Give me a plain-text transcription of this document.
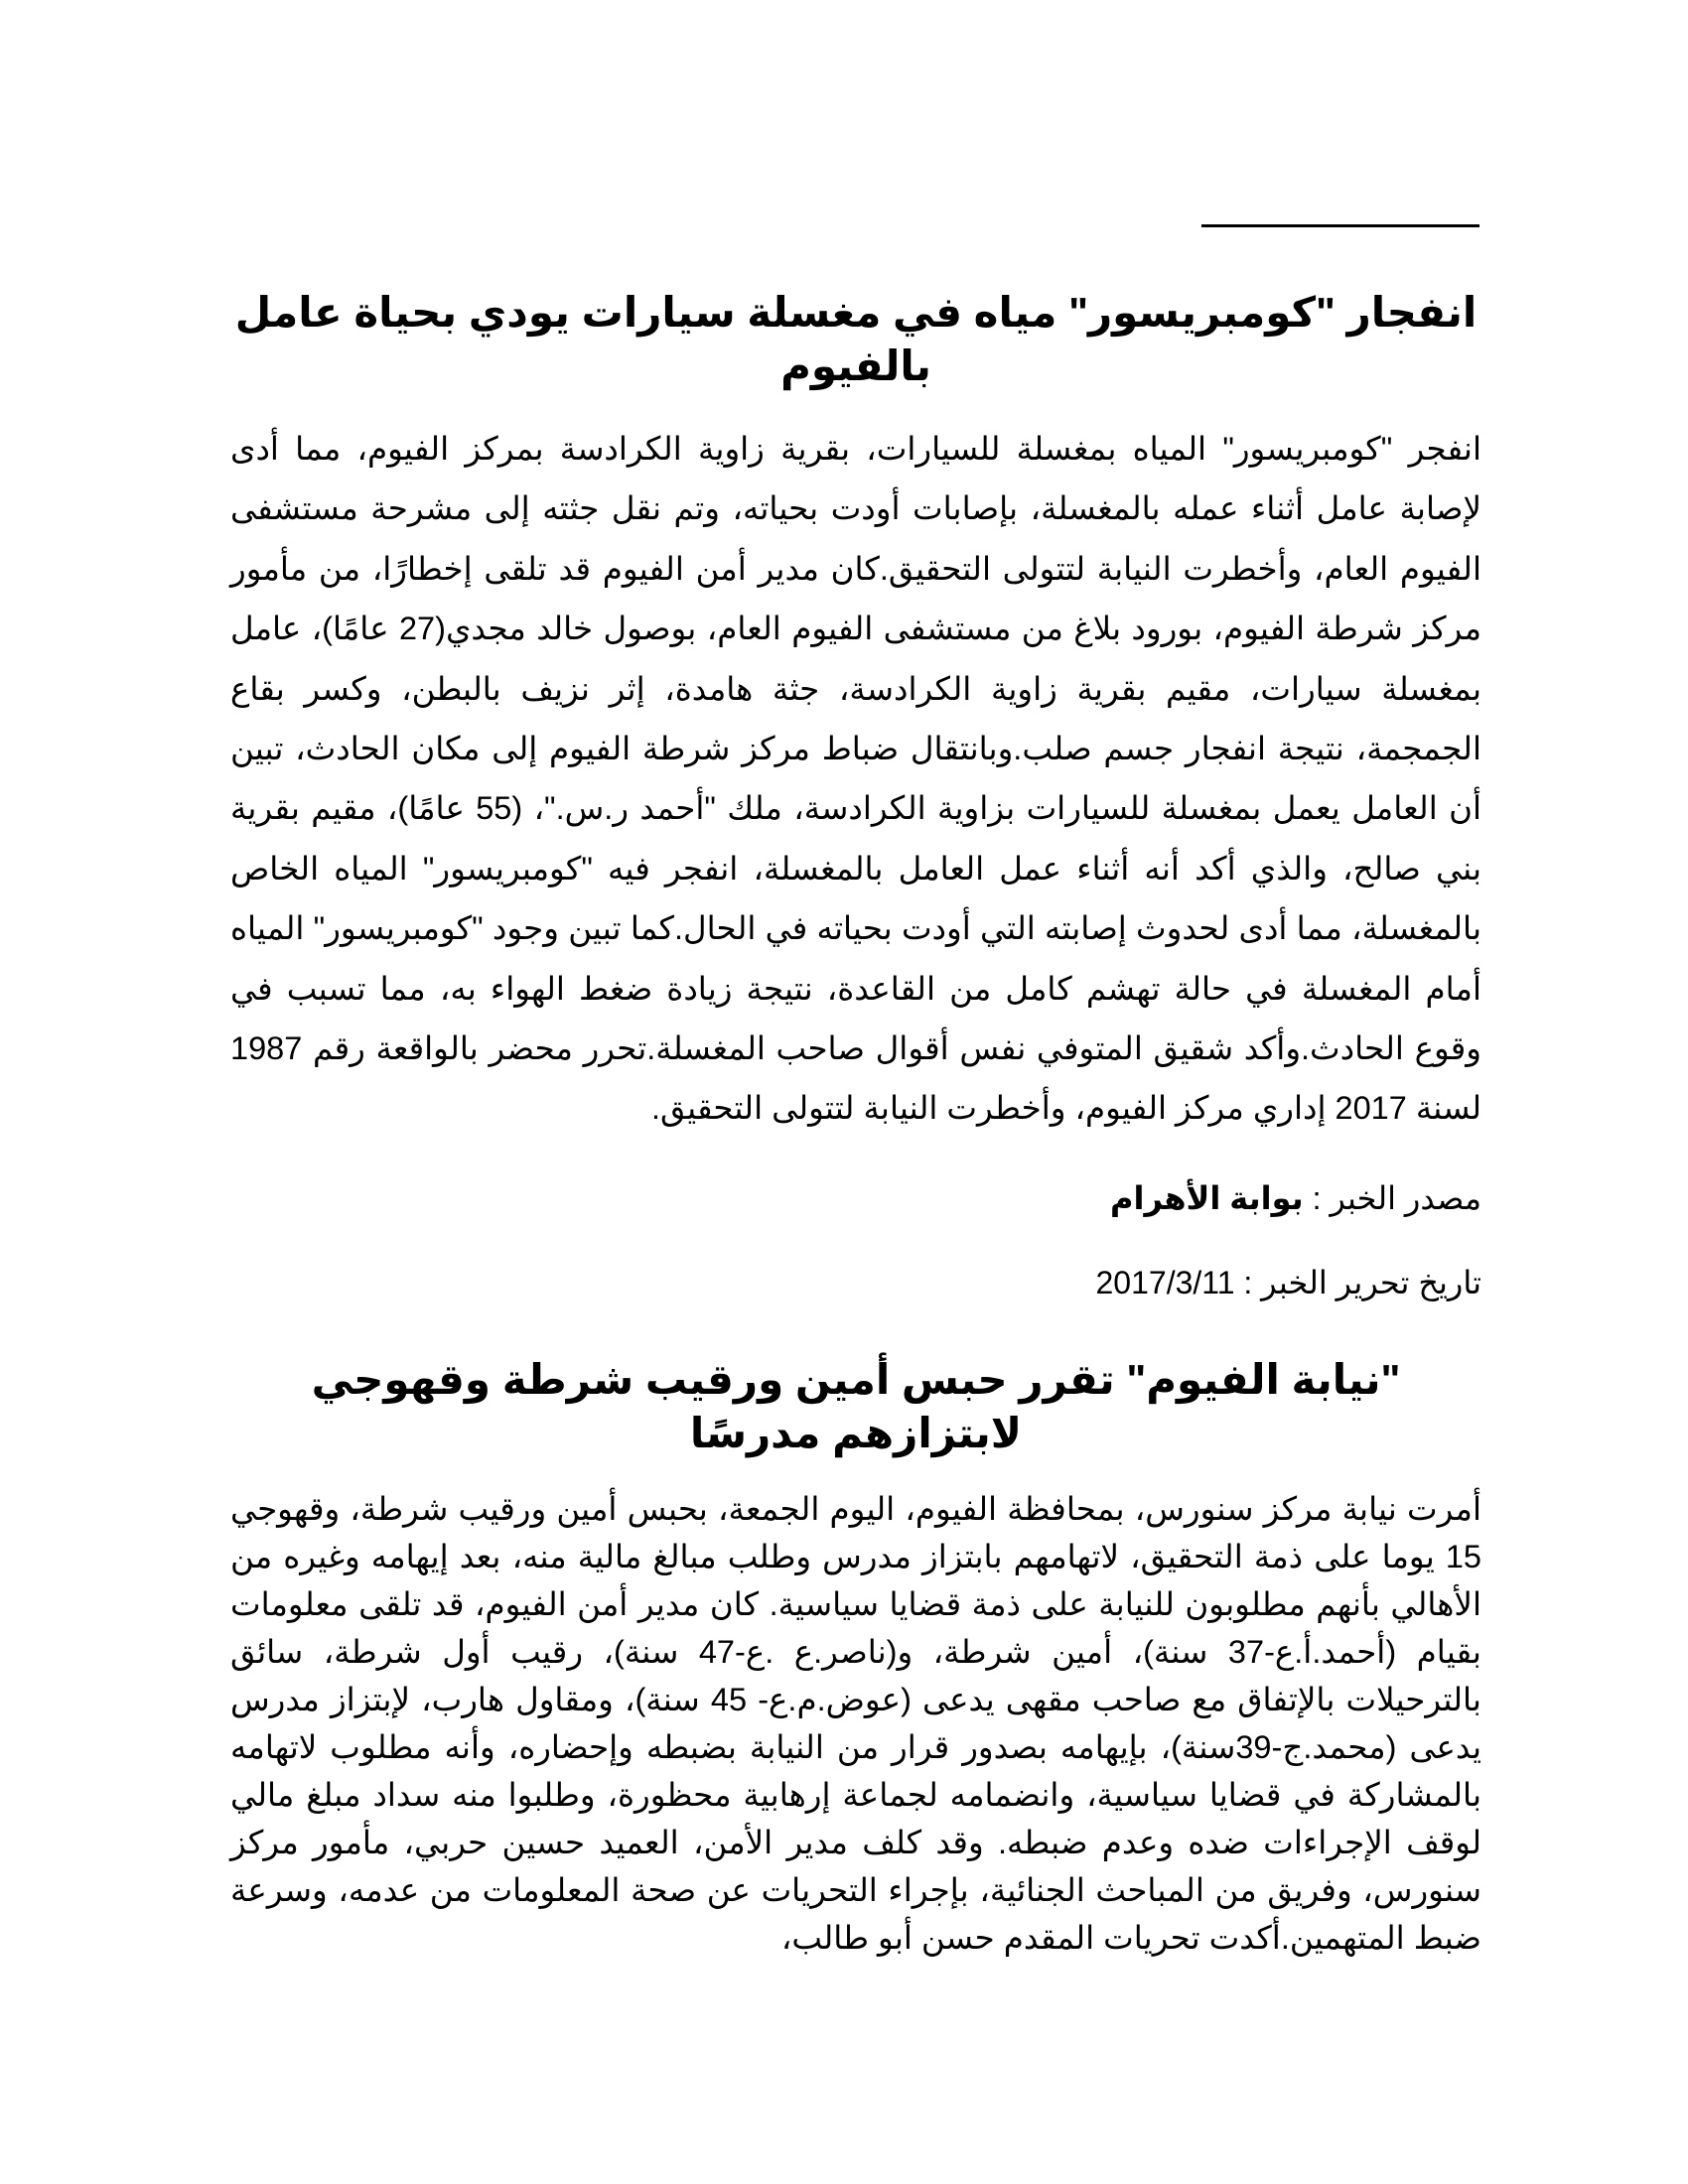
انفجار "كومبريسور" مياه في مغسلة سيارات يودي بحياة عامل بالفيوم

انفجر "كومبريسور" المياه بمغسلة للسيارات، بقرية زاوية الكرادسة بمركز الفيوم، مما أدى لإصابة عامل أثناء عمله بالمغسلة، بإصابات أودت بحياته، وتم نقل جثته إلى مشرحة مستشفى الفيوم العام، وأخطرت النيابة لتتولى التحقيق.كان مدير أمن الفيوم قد تلقى إخطارًا، من مأمور مركز شرطة الفيوم، بورود بلاغ من مستشفى الفيوم العام، بوصول خالد مجدي(27 عامًا)، عامل بمغسلة سيارات، مقيم بقرية زاوية الكرادسة، جثة هامدة، إثر نزيف بالبطن، وكسر بقاع الجمجمة، نتيجة انفجار جسم صلب.وبانتقال ضباط مركز شرطة الفيوم إلى مكان الحادث، تبين أن العامل يعمل بمغسلة للسيارات بزاوية الكرادسة، ملك "أحمد ر.س."، (55 عامًا)، مقيم بقرية بني صالح، والذي أكد أنه أثناء عمل العامل بالمغسلة، انفجر فيه "كومبريسور" المياه الخاص بالمغسلة، مما أدى لحدوث إصابته التي أودت بحياته في الحال.كما تبين وجود "كومبريسور" المياه أمام المغسلة في حالة تهشم كامل من القاعدة، نتيجة زيادة ضغط الهواء به، مما تسبب في وقوع الحادث.وأكد شقيق المتوفي نفس أقوال صاحب المغسلة.تحرر محضر بالواقعة رقم 1987 لسنة 2017 إداري مركز الفيوم، وأخطرت النيابة لتتولى التحقيق.

مصدر الخبر : بوابة الأهرام
تاريخ تحرير الخبر : 2017/3/11
"نيابة الفيوم" تقرر حبس أمين ورقيب شرطة وقهوجي لابتزازهم مدرسًا

أمرت نيابة مركز سنورس، بمحافظة الفيوم، اليوم الجمعة، بحبس أمين ورقيب شرطة، وقهوجي 15 يوما على ذمة التحقيق، لاتهامهم بابتزاز مدرس وطلب مبالغ مالية منه، بعد إيهامه وغيره من الأهالي بأنهم مطلوبون للنيابة على ذمة قضايا سياسية. كان مدير أمن الفيوم، قد تلقى معلومات بقيام (أحمد.أ.ع-37 سنة)، أمين شرطة، و(ناصر.ع .ع-47 سنة)، رقيب أول شرطة، سائق بالترحيلات بالإتفاق مع صاحب مقهى يدعى (عوض.م.ع- 45 سنة)، ومقاول هارب، لإبتزاز مدرس يدعى (محمد.ج-39سنة)، بإيهامه بصدور قرار من النيابة بضبطه وإحضاره، وأنه مطلوب لاتهامه بالمشاركة في قضايا سياسية، وانضمامه لجماعة إرهابية محظورة، وطلبوا منه سداد مبلغ مالي لوقف الإجراءات ضده وعدم ضبطه. وقد كلف مدير الأمن، العميد حسين حربي، مأمور مركز سنورس، وفريق من المباحث الجنائية، بإجراء التحريات عن صحة المعلومات من عدمه، وسرعة ضبط المتهمين.أكدت تحريات المقدم حسن أبو طالب،
